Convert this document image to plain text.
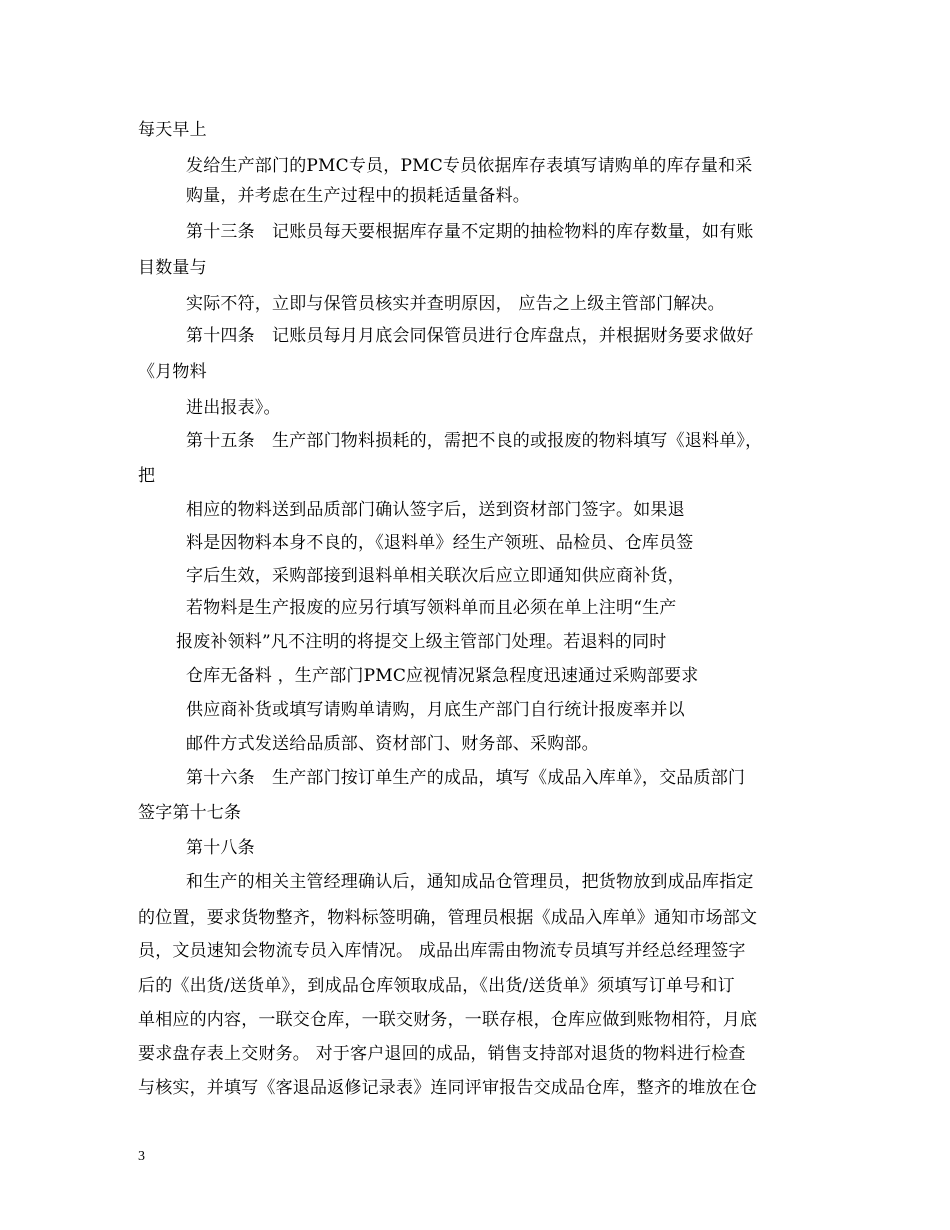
每天早上
发给生产部门的PMC专员，PMC专员依据库存表填写请购单的库存量和采
购量，并考虑在生产过程中的损耗适量备料。
第十三条　记账员每天要根据库存量不定期的抽检物料的库存数量，如有账
目数量与
实际不符，立即与保管员核实并查明原因， 应告之上级主管部门解决。
第十四条　记账员每月月底会同保管员进行仓库盘点，并根据财务要求做好
《月物料
进出报表》。
第十五条　生产部门物料损耗的，需把不良的或报废的物料填写《退料单》，
把
相应的物料送到品质部门确认签字后，送到资材部门签字。如果退
料是因物料本身不良的，《退料单》经生产领班、品检员、仓库员签
字后生效，采购部接到退料单相关联次后应立即通知供应商补货，
若物料是生产报废的应另行填写领料单而且必须在单上注明“生产
报废补领料”凡不注明的将提交上级主管部门处理。若退料的同时
仓库无备料 ，生产部门PMC应视情况紧急程度迅速通过采购部要求
供应商补货或填写请购单请购，月底生产部门自行统计报废率并以
邮件方式发送给品质部、资材部门、财务部、采购部。
第十六条　生产部门按订单生产的成品，填写《成品入库单》，交品质部门
签字第十七条
第十八条
和生产的相关主管经理确认后，通知成品仓管理员，把货物放到成品库指定
的位置，要求货物整齐，物料标签明确，管理员根据《成品入库单》通知市场部文
员，文员速知会物流专员入库情况。 成品出库需由物流专员填写并经总经理签字
后的《出货/送货单》，到成品仓库领取成品，《出货/送货单》须填写订单号和订
单相应的内容，一联交仓库，一联交财务，一联存根，仓库应做到账物相符，月底
要求盘存表上交财务。 对于客户退回的成品，销售支持部对退货的物料进行检查
与核实，并填写《客退品返修记录表》连同评审报告交成品仓库，整齐的堆放在仓
3
